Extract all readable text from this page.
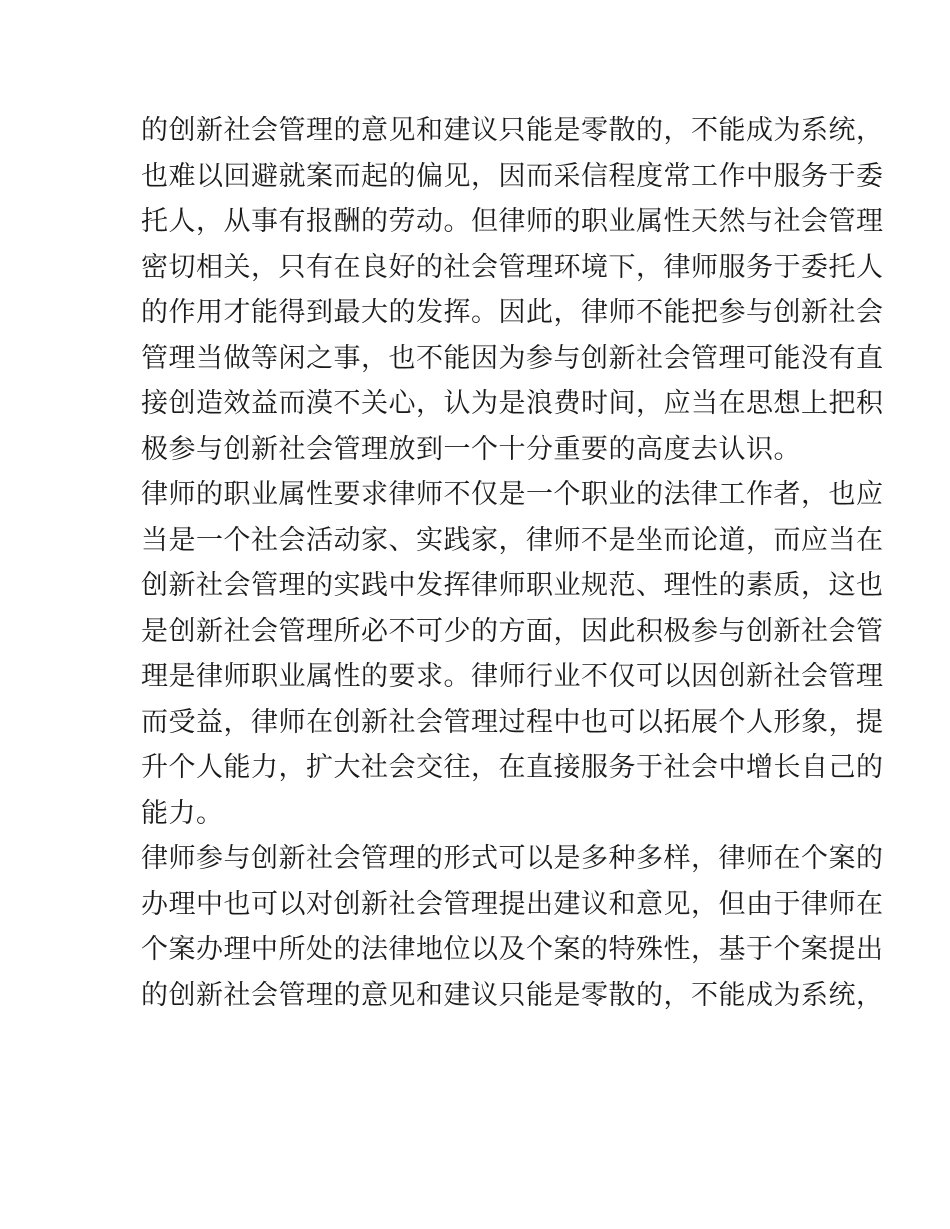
的创新社会管理的意见和建议只能是零散的，不能成为系统，
也难以回避就案而起的偏见，因而采信程度常工作中服务于委
托人，从事有报酬的劳动。但律师的职业属性天然与社会管理
密切相关，只有在良好的社会管理环境下，律师服务于委托人
的作用才能得到最大的发挥。因此，律师不能把参与创新社会
管理当做等闲之事，也不能因为参与创新社会管理可能没有直
接创造效益而漠不关心，认为是浪费时间，应当在思想上把积
极参与创新社会管理放到一个十分重要的高度去认识。
律师的职业属性要求律师不仅是一个职业的法律工作者，也应
当是一个社会活动家、实践家，律师不是坐而论道，而应当在
创新社会管理的实践中发挥律师职业规范、理性的素质，这也
是创新社会管理所必不可少的方面，因此积极参与创新社会管
理是律师职业属性的要求。律师行业不仅可以因创新社会管理
而受益，律师在创新社会管理过程中也可以拓展个人形象，提
升个人能力，扩大社会交往，在直接服务于社会中增长自己的
能力。
律师参与创新社会管理的形式可以是多种多样，律师在个案的
办理中也可以对创新社会管理提出建议和意见，但由于律师在
个案办理中所处的法律地位以及个案的特殊性，基于个案提出
的创新社会管理的意见和建议只能是零散的，不能成为系统，
